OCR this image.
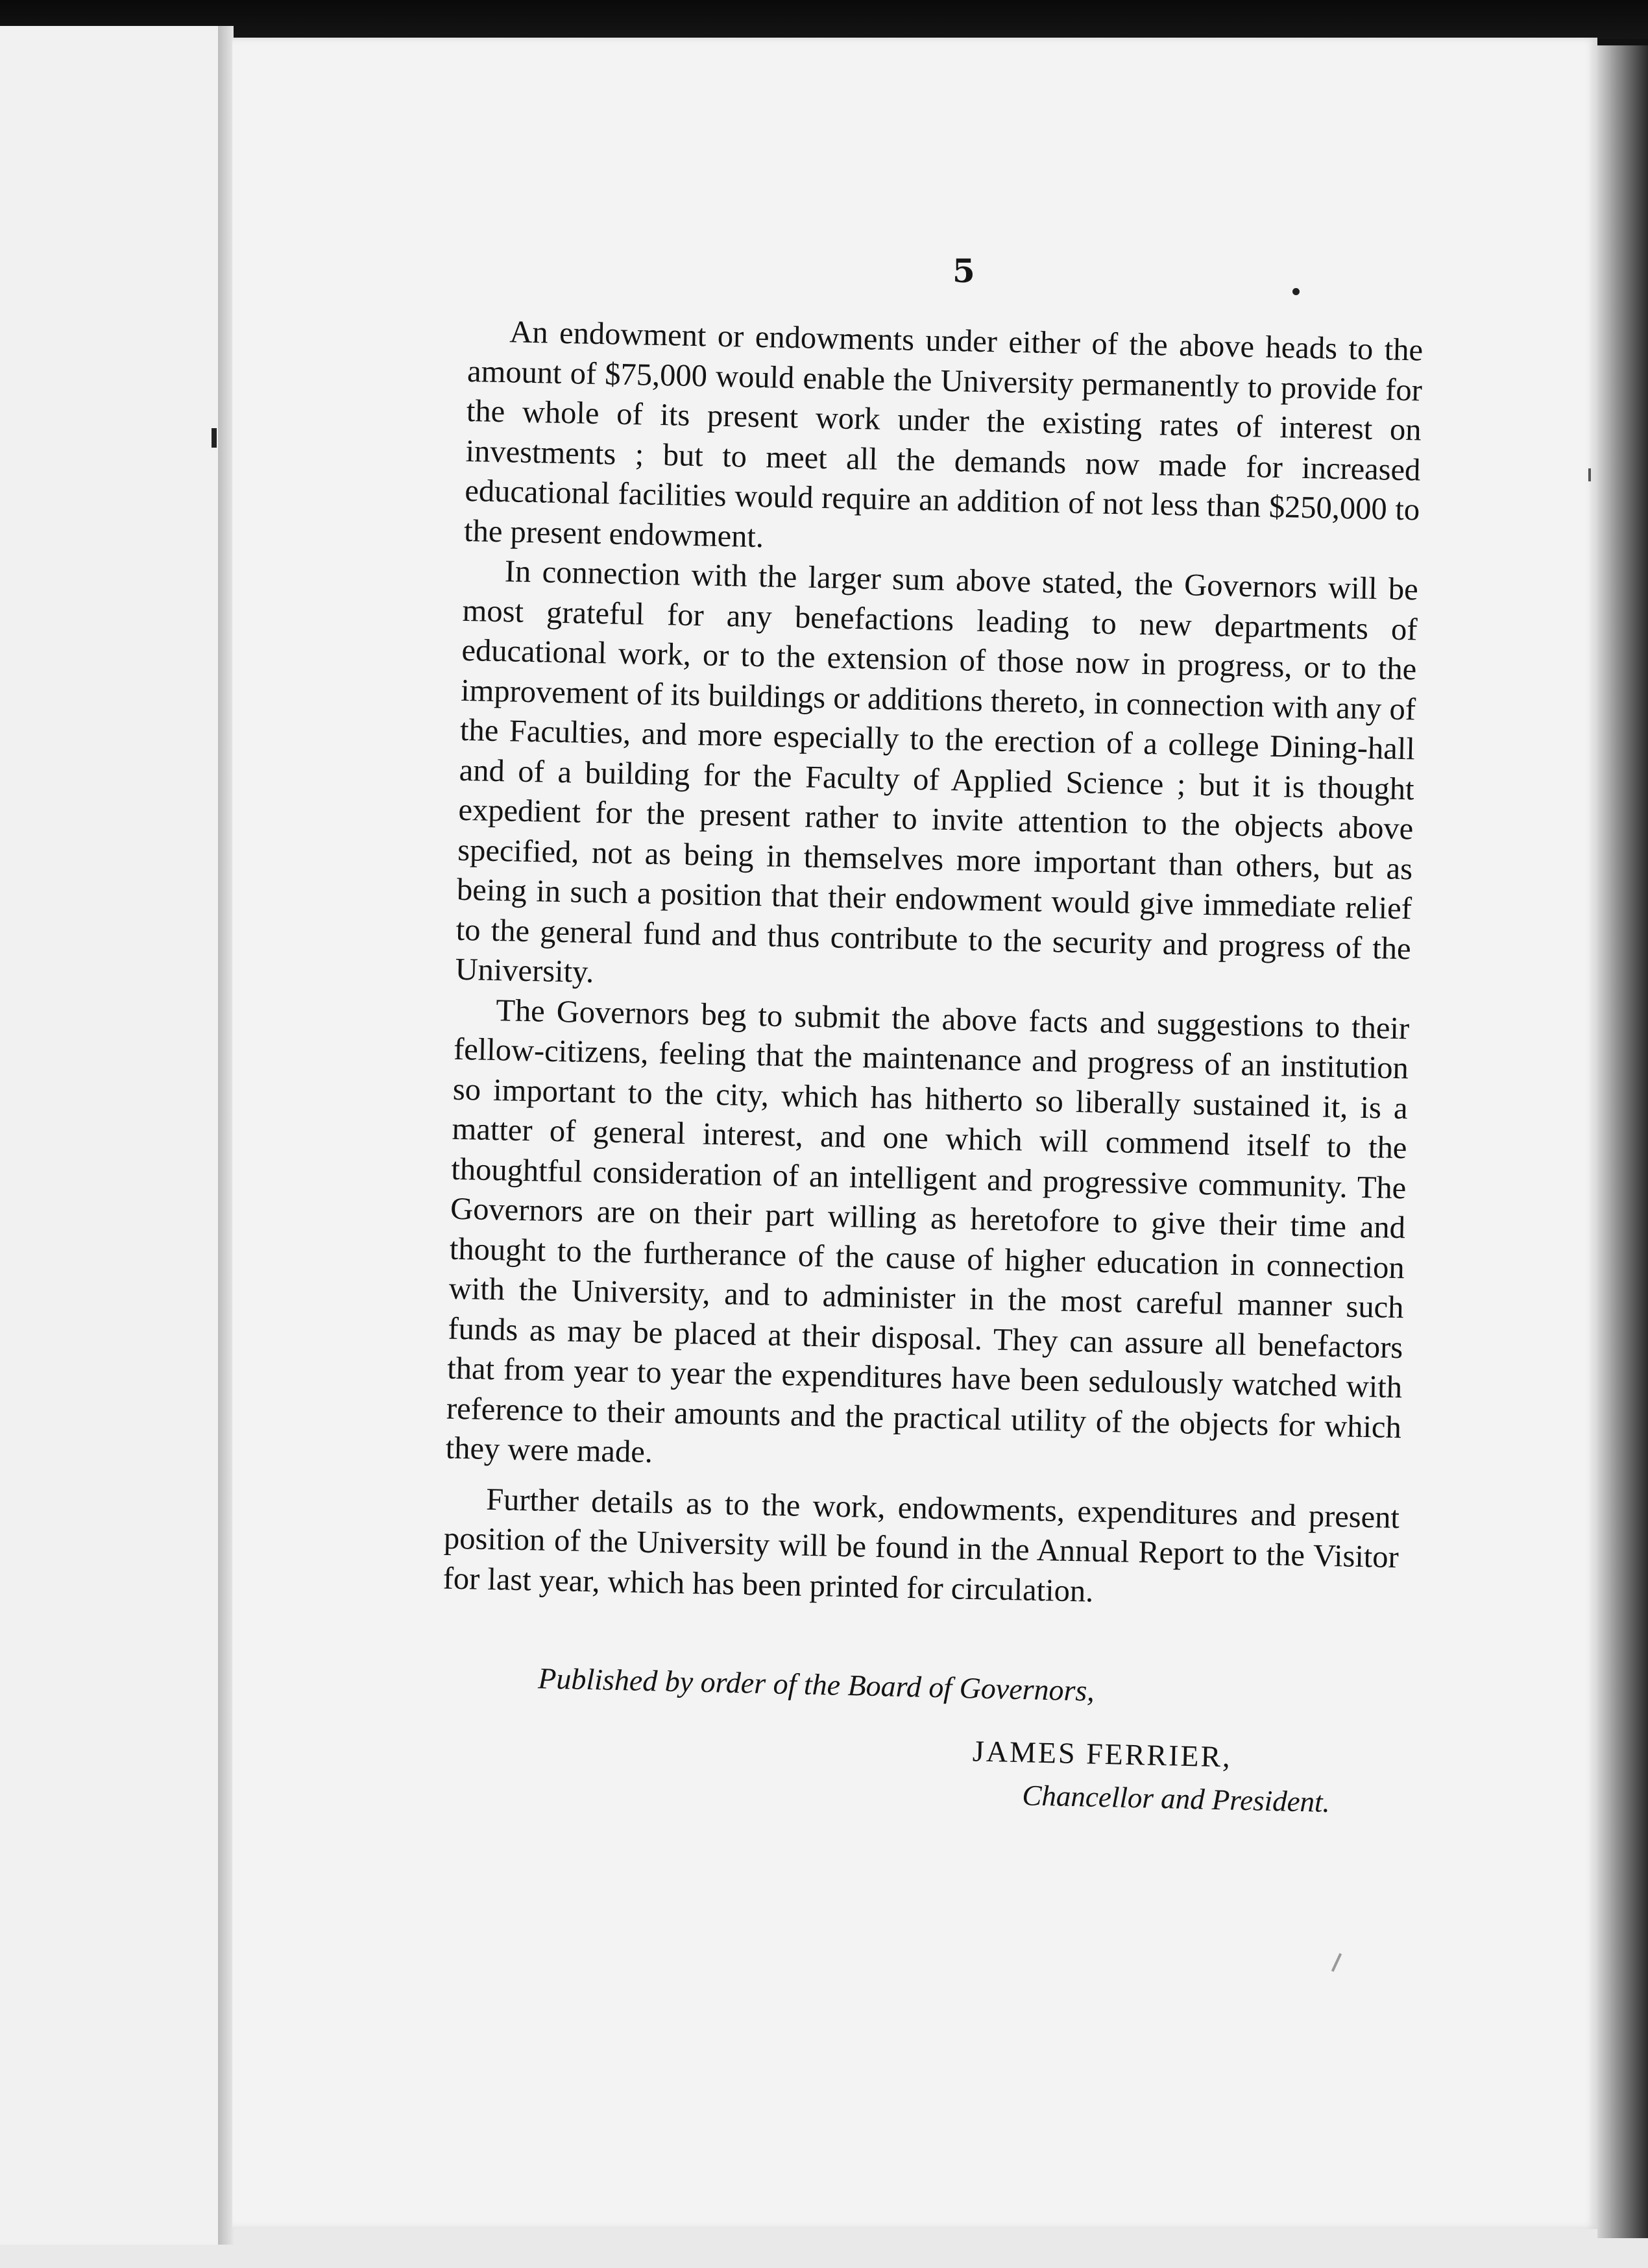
5

An endowment or endowments under either of the above heads to the amount of $75,000 would enable the University permanently to provide for the whole of its present work under the existing rates of interest on investments ; but to meet all the demands now made for increased educational facilities would require an addition of not less than $250,000 to the present endowment.

In connection with the larger sum above stated, the Governors will be most grateful for any benefactions leading to new departments of educational work, or to the extension of those now in progress, or to the improvement of its buildings or additions thereto, in connection with any of the Faculties, and more especially to the erection of a college Dining-hall and of a building for the Faculty of Applied Science ; but it is thought expedient for the present rather to invite attention to the objects above specified, not as being in themselves more important than others, but as being in such a position that their endowment would give immediate relief to the general fund and thus contribute to the security and progress of the University.

The Governors beg to submit the above facts and suggestions to their fellow-citizens, feeling that the maintenance and progress of an institution so important to the city, which has hitherto so liberally sustained it, is a matter of general interest, and one which will commend itself to the thoughtful consideration of an intelligent and progressive community. The Governors are on their part willing as heretofore to give their time and thought to the furtherance of the cause of higher education in connection with the University, and to administer in the most careful manner such funds as may be placed at their disposal. They can assure all benefactors that from year to year the expenditures have been sedulously watched with reference to their amounts and the practical utility of the objects for which they were made.

Further details as to the work, endowments, expenditures and present position of the University will be found in the Annual Report to the Visitor for last year, which has been printed for circulation.

Published by order of the Board of Governors,

JAMES FERRIER,

Chancellor and President.
